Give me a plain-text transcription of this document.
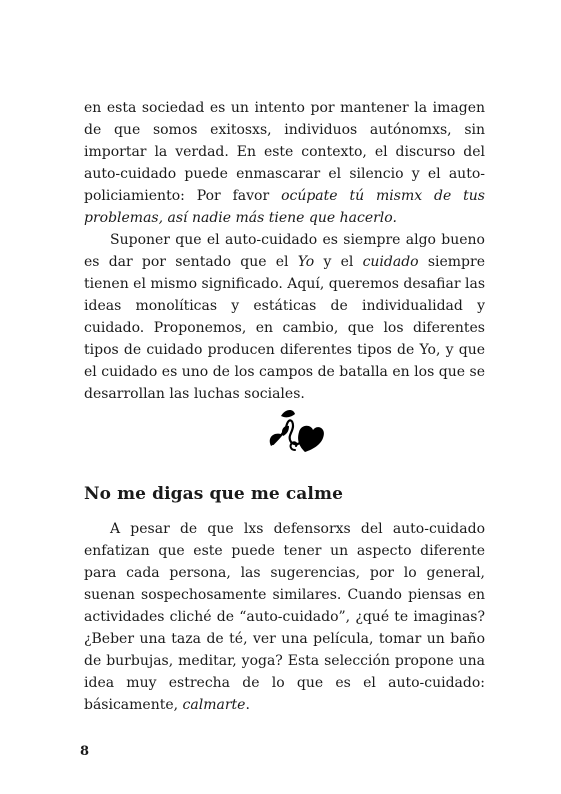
en esta sociedad es un intento por mantener la imagen de que somos exitosxs, individuos autónomxs, sin importar la verdad. En este contexto, el discurso del auto-cuidado puede enmascarar el silencio y el auto-policiamiento: Por favor ocúpate tú mismx de tus problemas, así nadie más tiene que hacerlo.

Suponer que el auto-cuidado es siempre algo bueno es dar por sentado que el Yo y el cuidado siempre tienen el mismo significado. Aquí, queremos desafiar las ideas monolíticas y estáticas de individualidad y cuidado. Proponemos, en cambio, que los diferentes tipos de cuidado producen diferentes tipos de Yo, y que el cuidado es uno de los campos de batalla en los que se desarrollan las luchas sociales.

No me digas que me calme

A pesar de que lxs defensorxs del auto-cuidado enfatizan que este puede tener un aspecto diferente para cada persona, las sugerencias, por lo general, suenan sospechosamente similares. Cuando piensas en actividades cliché de “auto-cuidado”, ¿qué te imaginas? ¿Beber una taza de té, ver una película, tomar un baño de burbujas, meditar, yoga? Esta selección propone una idea muy estrecha de lo que es el auto-cuidado: básicamente, calmarte.

8
